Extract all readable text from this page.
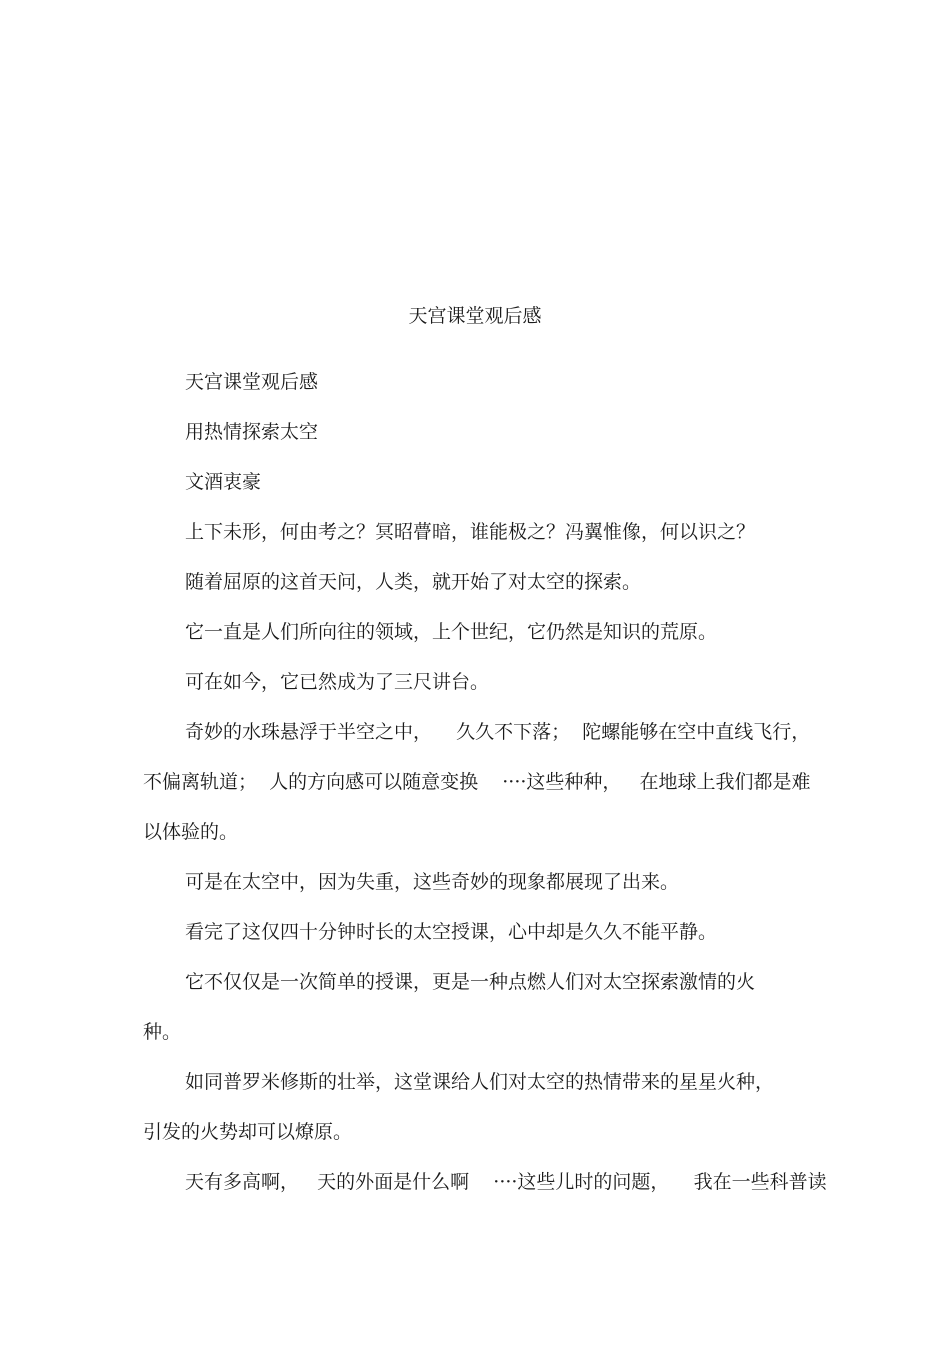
天宫课堂观后感
天宫课堂观后感
用热情探索太空
文酒衷豪
上下未形，何由考之？冥昭瞢暗，谁能极之？冯翼惟像，何以识之？
随着屈原的这首天问，人类，就开始了对太空的探索。
它一直是人们所向往的领域，上个世纪，它仍然是知识的荒原。
可在如今，它已然成为了三尺讲台。
奇妙的水珠悬浮于半空之中，    久久不下落；  陀螺能够在空中直线飞行，
不偏离轨道；  人的方向感可以随意变换    ····这些种种，   在地球上我们都是难
以体验的。
可是在太空中，因为失重，这些奇妙的现象都展现了出来。
看完了这仅四十分钟时长的太空授课，心中却是久久不能平静。
它不仅仅是一次简单的授课，更是一种点燃人们对太空探索激情的火
种。
如同普罗米修斯的壮举，这堂课给人们对太空的热情带来的星星火种，
引发的火势却可以燎原。
天有多高啊，   天的外面是什么啊    ····这些儿时的问题，    我在一些科普读
